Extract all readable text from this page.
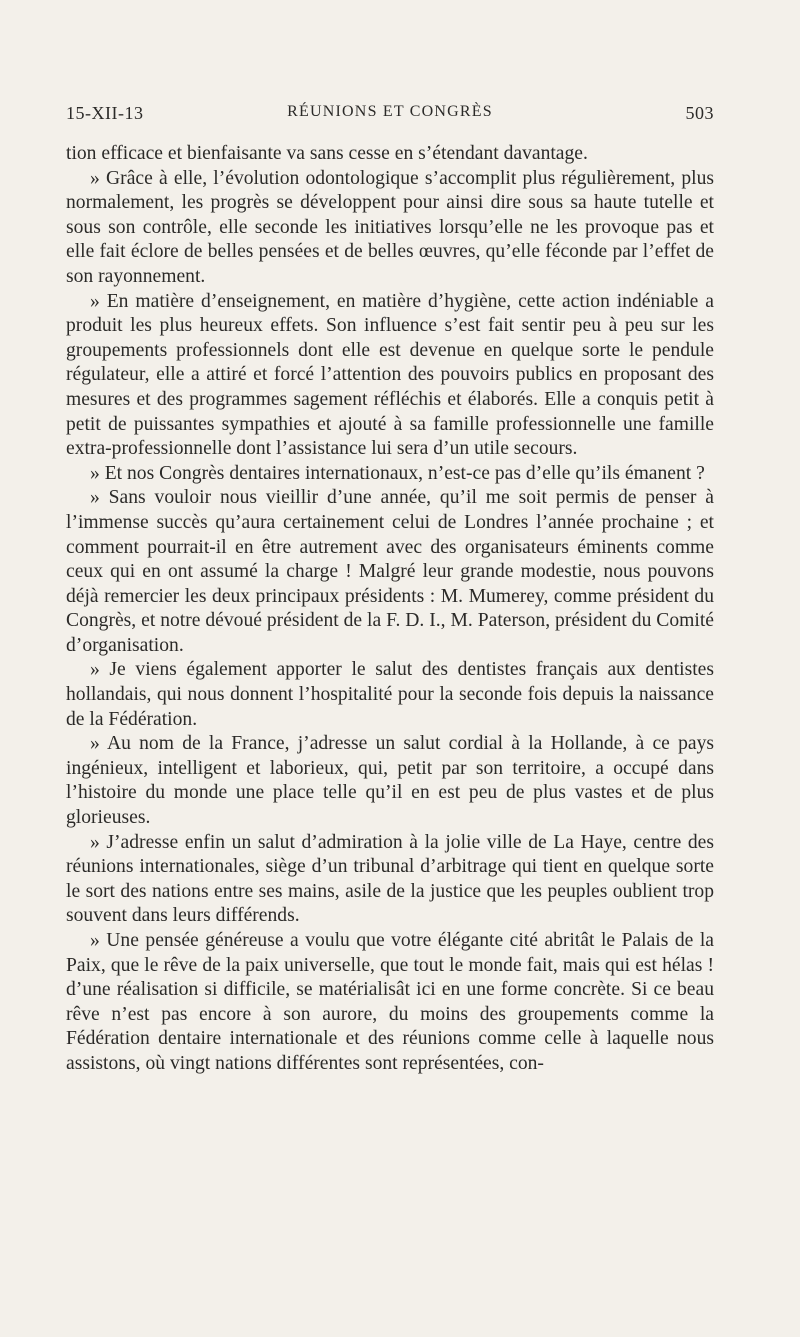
15-XII-13	RÉUNIONS ET CONGRÈS	503

tion efficace et bienfaisante va sans cesse en s’étendant davantage.

» Grâce à elle, l’évolution odontologique s’accomplit plus régulièrement, plus normalement, les progrès se développent pour ainsi dire sous sa haute tutelle et sous son contrôle, elle seconde les initiatives lorsqu’elle ne les provoque pas et elle fait éclore de belles pensées et de belles œuvres, qu’elle féconde par l’effet de son rayonnement.

» En matière d’enseignement, en matière d’hygiène, cette action indéniable a produit les plus heureux effets. Son influence s’est fait sentir peu à peu sur les groupements professionnels dont elle est devenue en quelque sorte le pendule régulateur, elle a attiré et forcé l’attention des pouvoirs publics en proposant des mesures et des programmes sagement réfléchis et élaborés. Elle a conquis petit à petit de puissantes sympathies et ajouté à sa famille professionnelle une famille extra-professionnelle dont l’assistance lui sera d’un utile secours.

» Et nos Congrès dentaires internationaux, n’est-ce pas d’elle qu’ils émanent ?

» Sans vouloir nous vieillir d’une année, qu’il me soit permis de penser à l’immense succès qu’aura certainement celui de Londres l’année prochaine ; et comment pourrait-il en être autrement avec des organisateurs éminents comme ceux qui en ont assumé la charge ! Malgré leur grande modestie, nous pouvons déjà remercier les deux principaux présidents : M. Mumerey, comme président du Congrès, et notre dévoué président de la F. D. I., M. Paterson, président du Comité d’organisation.

» Je viens également apporter le salut des dentistes français aux dentistes hollandais, qui nous donnent l’hospitalité pour la seconde fois depuis la naissance de la Fédération.

» Au nom de la France, j’adresse un salut cordial à la Hollande, à ce pays ingénieux, intelligent et laborieux, qui, petit par son territoire, a occupé dans l’histoire du monde une place telle qu’il en est peu de plus vastes et de plus glorieuses.

» J’adresse enfin un salut d’admiration à la jolie ville de La Haye, centre des réunions internationales, siège d’un tribunal d’arbitrage qui tient en quelque sorte le sort des nations entre ses mains, asile de la justice que les peuples oublient trop souvent dans leurs différends.

» Une pensée généreuse a voulu que votre élégante cité abritât le Palais de la Paix, que le rêve de la paix universelle, que tout le monde fait, mais qui est hélas ! d’une réalisation si difficile, se matérialisât ici en une forme concrète. Si ce beau rêve n’est pas encore à son aurore, du moins des groupements comme la Fédération dentaire internationale et des réunions comme celle à laquelle nous assistons, où vingt nations différentes sont représentées, con-
